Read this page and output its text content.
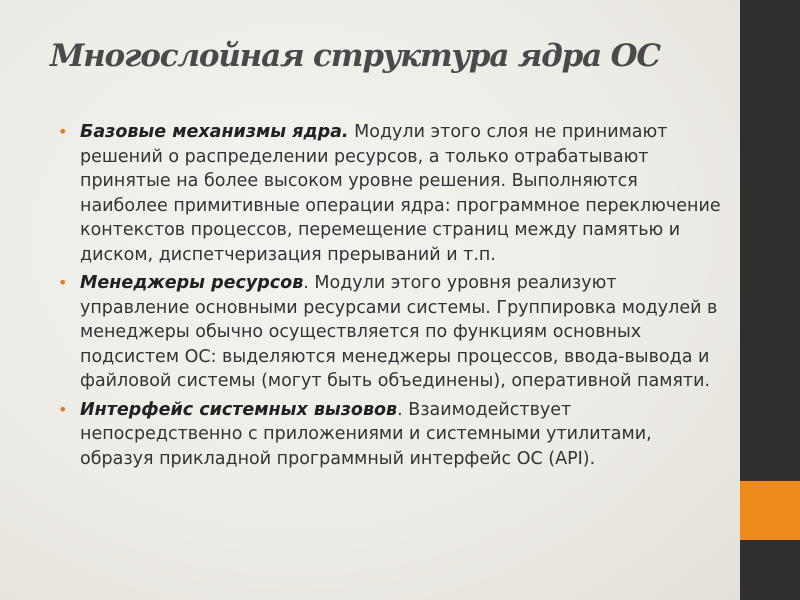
Многослойная структура ядра ОС
• Базовые механизмы ядра. Модули этого слоя не принимают решений о распределении ресурсов, а только отрабатывают принятые на более высоком уровне решения. Выполняются наиболее примитивные операции ядра: программное переключение контекстов процессов, перемещение страниц между памятью и диском, диспетчеризация прерываний и т.п.
• Менеджеры ресурсов. Модули этого уровня реализуют управление основными ресурсами системы. Группировка модулей в менеджеры обычно осуществляется по функциям основных подсистем ОС: выделяются менеджеры процессов, ввода-вывода и файловой системы (могут быть объединены), оперативной памяти.
• Интерфейс системных вызовов. Взаимодействует непосредственно с приложениями и системными утилитами, образуя прикладной программный интерфейс ОС (API).
